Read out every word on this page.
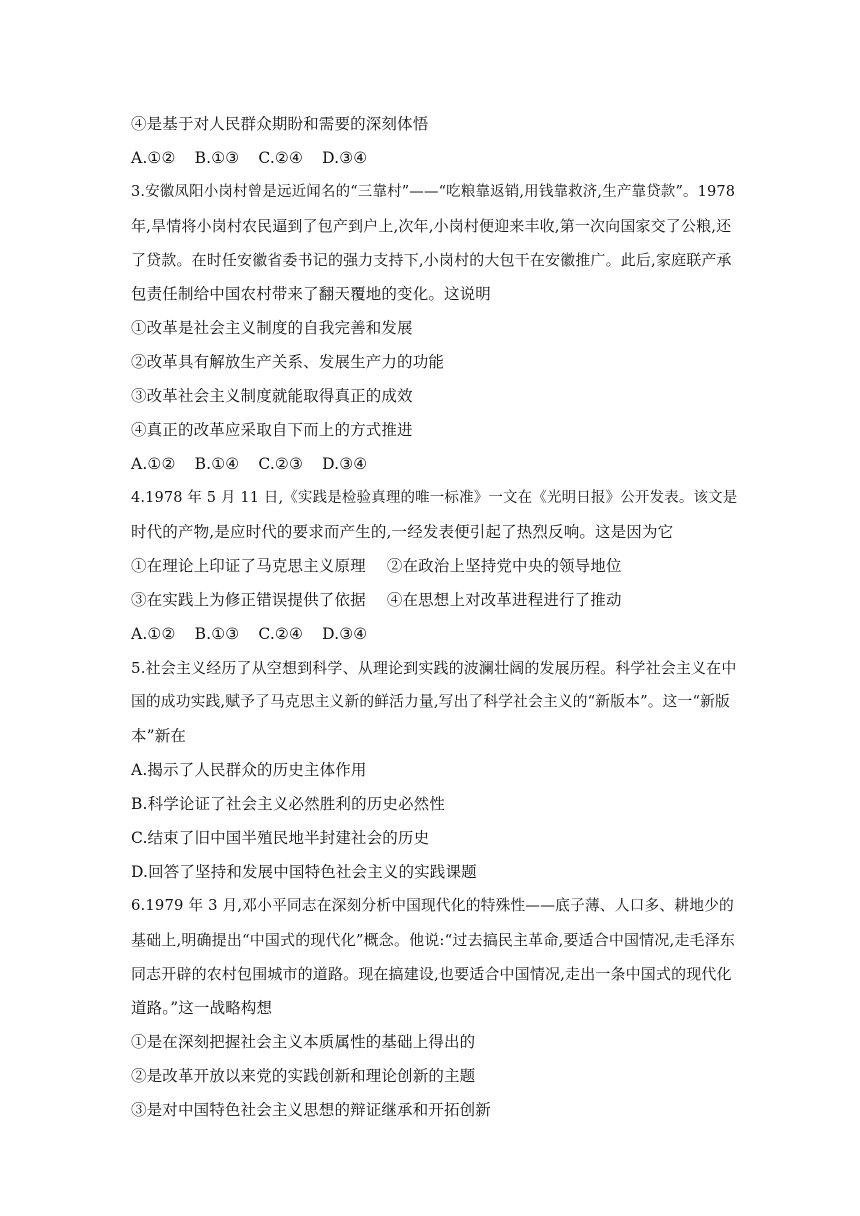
④是基于对人民群众期盼和需要的深刻体悟
A.①② B.①③ C.②④ D.③④
3.安徽凤阳小岗村曾是远近闻名的“三靠村”——“吃粮靠返销,用钱靠救济,生产靠贷款”。1978
年,旱情将小岗村农民逼到了包产到户上,次年,小岗村便迎来丰收,第一次向国家交了公粮,还
了贷款。在时任安徽省委书记的强力支持下,小岗村的大包干在安徽推广。此后,家庭联产承
包责任制给中国农村带来了翻天覆地的变化。这说明
①改革是社会主义制度的自我完善和发展
②改革具有解放生产关系、发展生产力的功能
③改革社会主义制度就能取得真正的成效
④真正的改革应采取自下而上的方式推进
A.①② B.①④ C.②③ D.③④
4.1978 年 5 月 11 日,《实践是检验真理的唯一标准》一文在《光明日报》公开发表。该文是
时代的产物,是应时代的要求而产生的,一经发表便引起了热烈反响。这是因为它
①在理论上印证了马克思主义原理 ②在政治上坚持党中央的领导地位
③在实践上为修正错误提供了依据 ④在思想上对改革进程进行了推动
A.①② B.①③ C.②④ D.③④
5.社会主义经历了从空想到科学、从理论到实践的波澜壮阔的发展历程。科学社会主义在中
国的成功实践,赋予了马克思主义新的鲜活力量,写出了科学社会主义的“新版本”。这一“新版
本”新在
A.揭示了人民群众的历史主体作用
B.科学论证了社会主义必然胜利的历史必然性
C.结束了旧中国半殖民地半封建社会的历史
D.回答了坚持和发展中国特色社会主义的实践课题
6.1979 年 3 月,邓小平同志在深刻分析中国现代化的特殊性——底子薄、人口多、耕地少的
基础上,明确提出“中国式的现代化”概念。他说:“过去搞民主革命,要适合中国情况,走毛泽东
同志开辟的农村包围城市的道路。现在搞建设,也要适合中国情况,走出一条中国式的现代化
道路。”这一战略构想
①是在深刻把握社会主义本质属性的基础上得出的
②是改革开放以来党的实践创新和理论创新的主题
③是对中国特色社会主义思想的辩证继承和开拓创新
